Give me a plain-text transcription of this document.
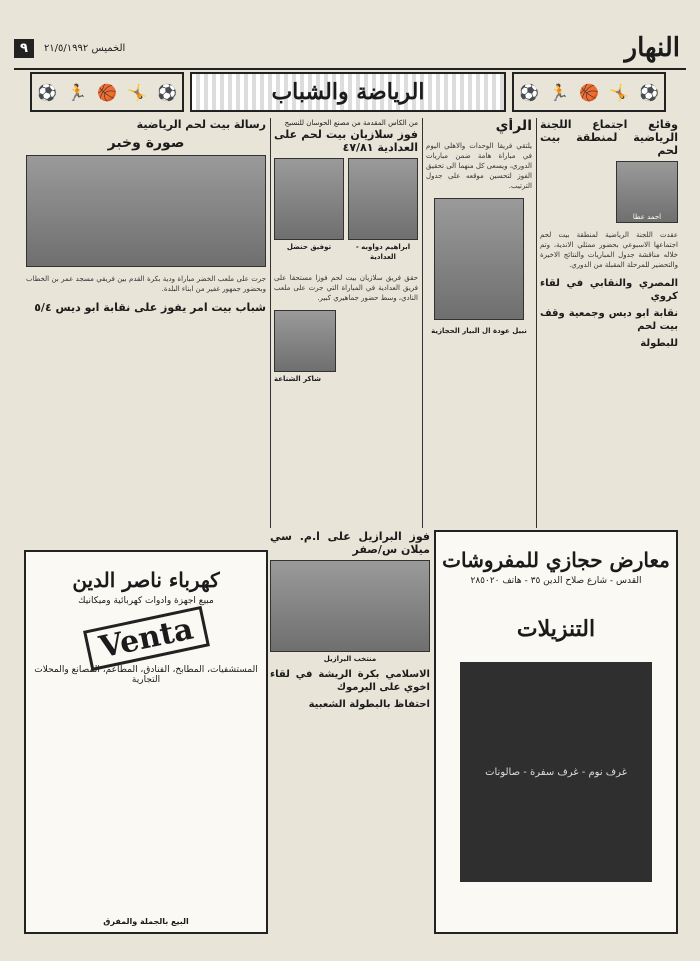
النهار
الخميس ٢١/٥/١٩٩٢
٩
⚽ 🏃 🏀 🤸 ⚽	الرياضة والشباب	⚽ 🏃 🏀 🤸 ⚽
وقائع اجتماع اللجنة الرياضية لمنطقة بيت لحم
احمد عطا

عقدت اللجنة الرياضية لمنطقة بيت لحم اجتماعها الاسبوعي بحضور ممثلي الاندية، وتم خلاله مناقشة جدول المباريات والنتائج الاخيرة والتحضير للمرحلة المقبلة من الدوري.

المصري والنقابي في لقاء كروي
نقابة ابو ديس وجمعية وقف بيت لحم
للبطولة
الرأي

يلتقي فريقا الوحدات والاهلي اليوم في مباراة هامة ضمن مباريات الدوري، ويسعى كل منهما الى تحقيق الفوز لتحسين موقعه على جدول الترتيب.

نبيل عودة ال البيار الحجازية
من الكاس المقدمة من مصنع الحوسان للنسيج
فوز سلازيان بيت لحم على العدادية ٤٧/٨١
ابراهيم دواوبه - العدادية
توفيق حنضل

حقق فريق سلازيان بيت لحم فوزا مستحقا على فريق العدادية في المباراة التي جرت على ملعب النادي، وسط حضور جماهيري كبير.

شاكر الشناعة
رسالة بيت لحم الرياضية
صورة وخبر

جرت على ملعب الخضر مباراة ودية بكرة القدم بين فريقي مسجد عمر بن الخطاب وبحضور جمهور غفير من ابناء البلدة.

شباب بيت امر يفوز على نقابة ابو ديس ٥/٤
فوز البرازيل على ا.م. سي ميلان س/صفر
منتخب البرازيل
الاسلامي بكرة الريشة في لقاء اخوي على اليرموك
احتفاظ بالبطولة الشعبية
كهرباء ناصر الدين
مبيع اجهزة وادوات كهربائية وميكانيك
Venta
المستشفيات، المطابخ، الفنادق، المطاعم، المصانع والمحلات التجارية
البيع بالجملة والمفرق
معارض حجازي للمفروشات
القدس - شارع صلاح الدين ٣٥ - هاتف ٢٨٥٠٢٠
التنزيلات
غرف نوم - غرف سفرة - صالونات
